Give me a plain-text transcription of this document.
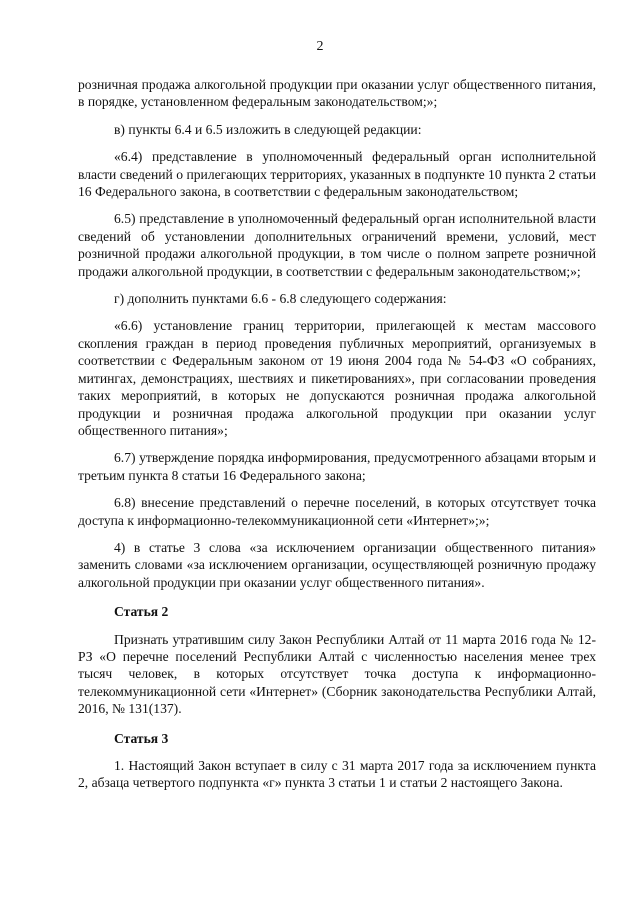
2

розничная продажа алкогольной продукции при оказании услуг общественного питания, в порядке, установленном федеральным законодательством;»;

в) пункты 6.4 и 6.5 изложить в следующей редакции:

«6.4) представление в уполномоченный федеральный орган исполнительной власти сведений о прилегающих территориях, указанных в подпункте 10 пункта 2 статьи 16 Федерального закона, в соответствии с федеральным законодательством;

6.5) представление в уполномоченный федеральный орган исполнительной власти сведений об установлении дополнительных ограничений времени, условий, мест розничной продажи алкогольной продукции, в том числе о полном запрете розничной продажи алкогольной продукции, в соответствии с федеральным законодательством;»;

г) дополнить пунктами 6.6 - 6.8 следующего содержания:

«6.6) установление границ территории, прилегающей к местам массового скопления граждан в период проведения публичных мероприятий, организуемых в соответствии с Федеральным законом от 19 июня 2004 года № 54-ФЗ «О собраниях, митингах, демонстрациях, шествиях и пикетированиях», при согласовании проведения таких мероприятий, в которых не допускаются розничная продажа алкогольной продукции и розничная продажа алкогольной продукции при оказании услуг общественного питания»;

6.7) утверждение порядка информирования, предусмотренного абзацами вторым и третьим пункта 8 статьи 16 Федерального закона;

6.8) внесение представлений о перечне поселений, в которых отсутствует точка доступа к информационно-телекоммуникационной сети «Интернет»;»;

4) в статье 3 слова «за исключением организации общественного питания» заменить словами «за исключением организации, осуществляющей розничную продажу алкогольной продукции при оказании услуг общественного питания».

Статья 2

Признать утратившим силу Закон Республики Алтай от 11 марта 2016 года № 12-РЗ «О перечне поселений Республики Алтай с численностью населения менее трех тысяч человек, в которых отсутствует точка доступа к информационно-телекоммуникационной сети «Интернет» (Сборник законодательства Республики Алтай, 2016, № 131(137).

Статья 3

1. Настоящий Закон вступает в силу с 31 марта 2017 года за исключением пункта 2, абзаца четвертого подпункта «г» пункта 3 статьи 1 и статьи 2 настоящего Закона.
